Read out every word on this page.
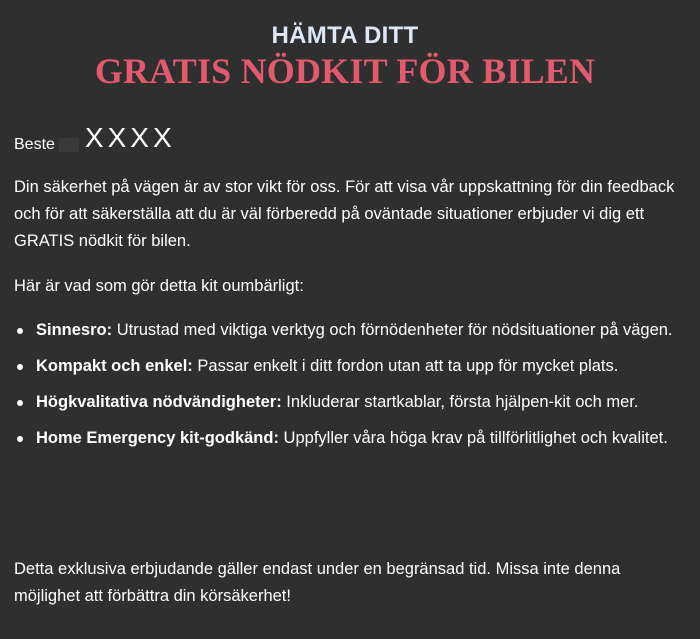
HÄMTA DITT
GRATIS NÖDKIT FÖR BILEN
Beste XXXX
Din säkerhet på vägen är av stor vikt för oss. För att visa vår uppskattning för din feedback och för att säkerställa att du är väl förberedd på oväntade situationer erbjuder vi dig ett GRATIS nödkit för bilen.
Här är vad som gör detta kit oumbärligt:
Sinnesro: Utrustad med viktiga verktyg och förnödenheter för nödsituationer på vägen.
Kompakt och enkel: Passar enkelt i ditt fordon utan att ta upp för mycket plats.
Högkvalitativa nödvändigheter: Inkluderar startkablar, första hjälpen-kit och mer.
Home Emergency kit-godkänd: Uppfyller våra höga krav på tillförlitlighet och kvalitet.
Detta exklusiva erbjudande gäller endast under en begränsad tid. Missa inte denna möjlighet att förbättra din körsäkerhet!
